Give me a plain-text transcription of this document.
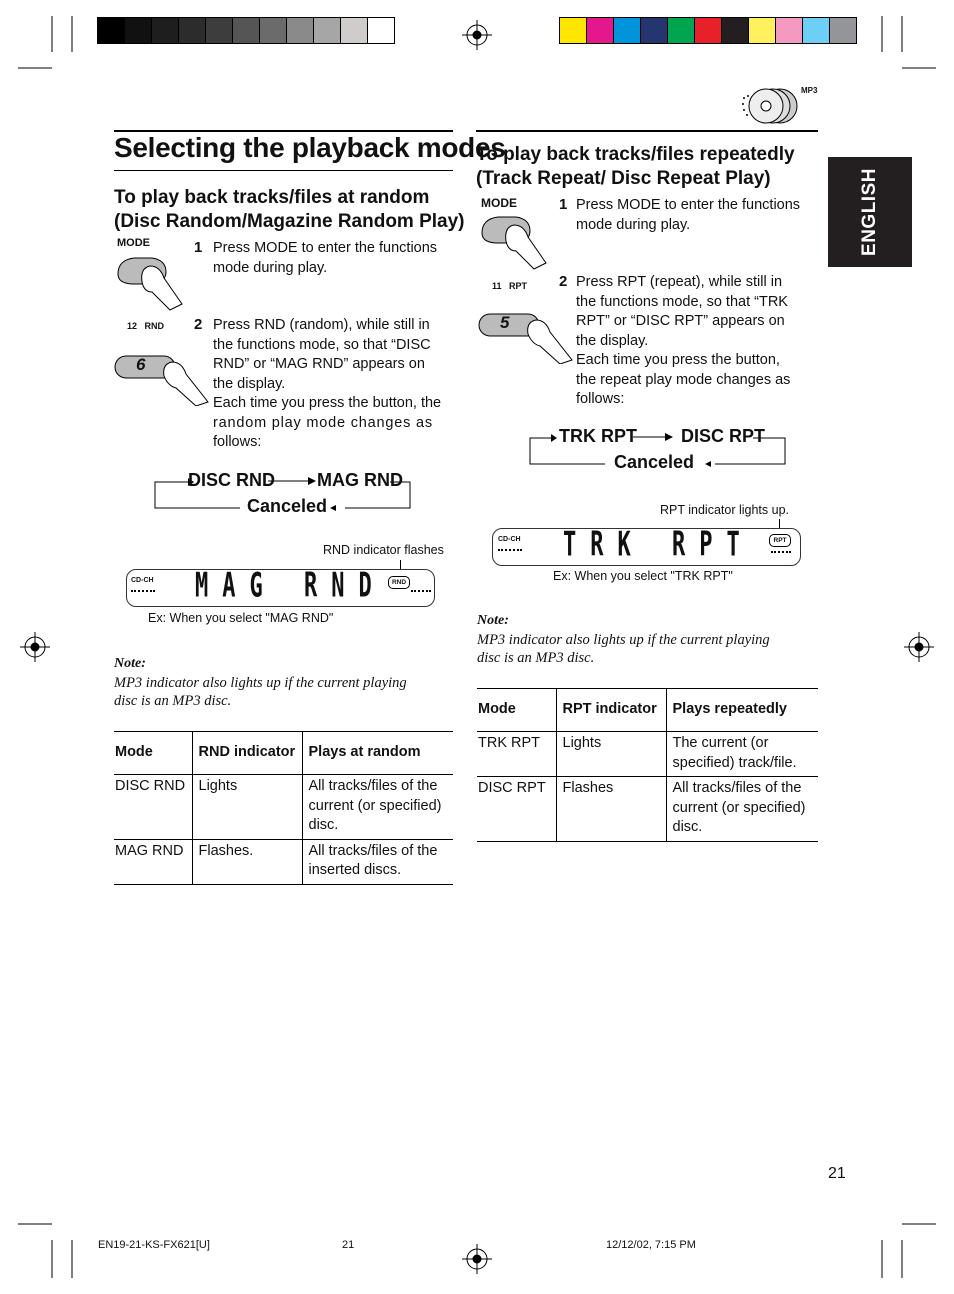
MP3
Selecting the playback modes
ENGLISH
To play back tracks/files at random
(Disc Random/Magazine Random Play)
MODE	1 Press MODE to enter the functions
mode during play.
12   RND
6
2 Press RND (random), while still in
the functions mode, so that “DISC
RND” or “MAG RND” appears on
the display.
Each time you press the button, the
random play mode changes as
follows:
DISC RND MAG RND
Canceled
RND indicator flashes
CD-CH MAG RND RND
Ex: When you select "MAG RND"
Note:
MP3 indicator also lights up if the current playing
disc is an MP3 disc.
Mode	RND indicator	Plays at random
DISC RND	Lights	All tracks/files of the current (or specified) disc.
MAG RND	Flashes.	All tracks/files of the inserted discs.
To play back tracks/files repeatedly
(Track Repeat/ Disc Repeat Play)
MODE	1 Press MODE to enter the functions
mode during play.
11   RPT
5
2 Press RPT (repeat), while still in
the functions mode, so that “TRK
RPT” or “DISC RPT” appears on
the display.
Each time you press the button,
the repeat play mode changes as
follows:
TRK RPT DISC RPT
Canceled
RPT indicator lights up.
CD-CH TRK RPT	RPT
Ex: When you select "TRK RPT"
Note:
MP3 indicator also lights up if the current playing
disc is an MP3 disc.
Mode	RPT indicator	Plays repeatedly
TRK RPT	Lights	The current (or specified) track/file.
DISC RPT	Flashes	All tracks/files of the current (or specified) disc.
21
EN19-21-KS-FX621[U]	21	12/12/02, 7:15 PM
